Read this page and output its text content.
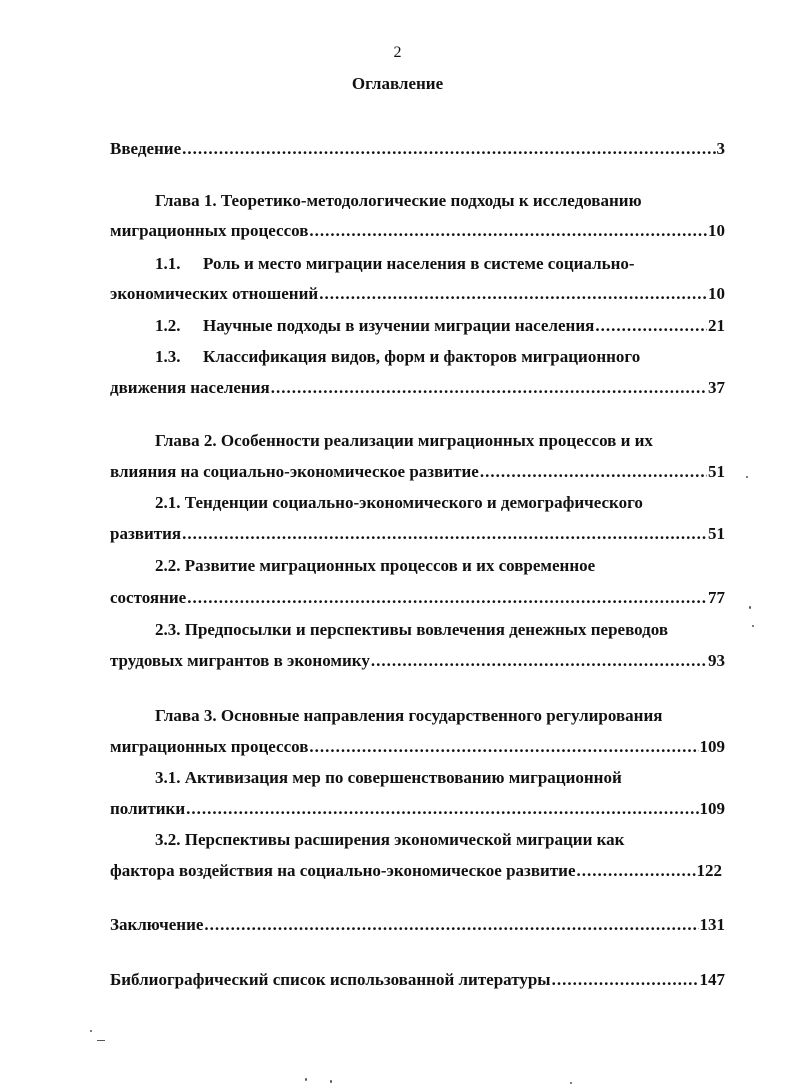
2
Оглавление
Введение .....	3
Глава 1. Теоретико-методологические подходы к исследованию
миграционных процессов .....	10
1.1. Роль и место миграции населения в системе социально-
экономических отношений .....	10
1.2. Научные подходы в изучении миграции населения .....	21
1.3. Классификация видов, форм и факторов миграционного
движения населения .....	37
Глава 2. Особенности реализации миграционных процессов и их
влияния на социально-экономическое развитие .....	51
2.1. Тенденции социально-экономического и демографического
развития .....	51
2.2. Развитие миграционных процессов и их современное
состояние .....	77
2.3. Предпосылки и перспективы вовлечения денежных переводов
трудовых мигрантов в экономику .....	93
Глава 3. Основные направления государственного регулирования
миграционных процессов .....	109
3.1. Активизация мер по совершенствованию миграционной
политики .....	109
3.2. Перспективы расширения экономической миграции как
фактора воздействия на социально-экономическое развитие .....	122
Заключение .....	131
Библиографический список использованной литературы .....	147
